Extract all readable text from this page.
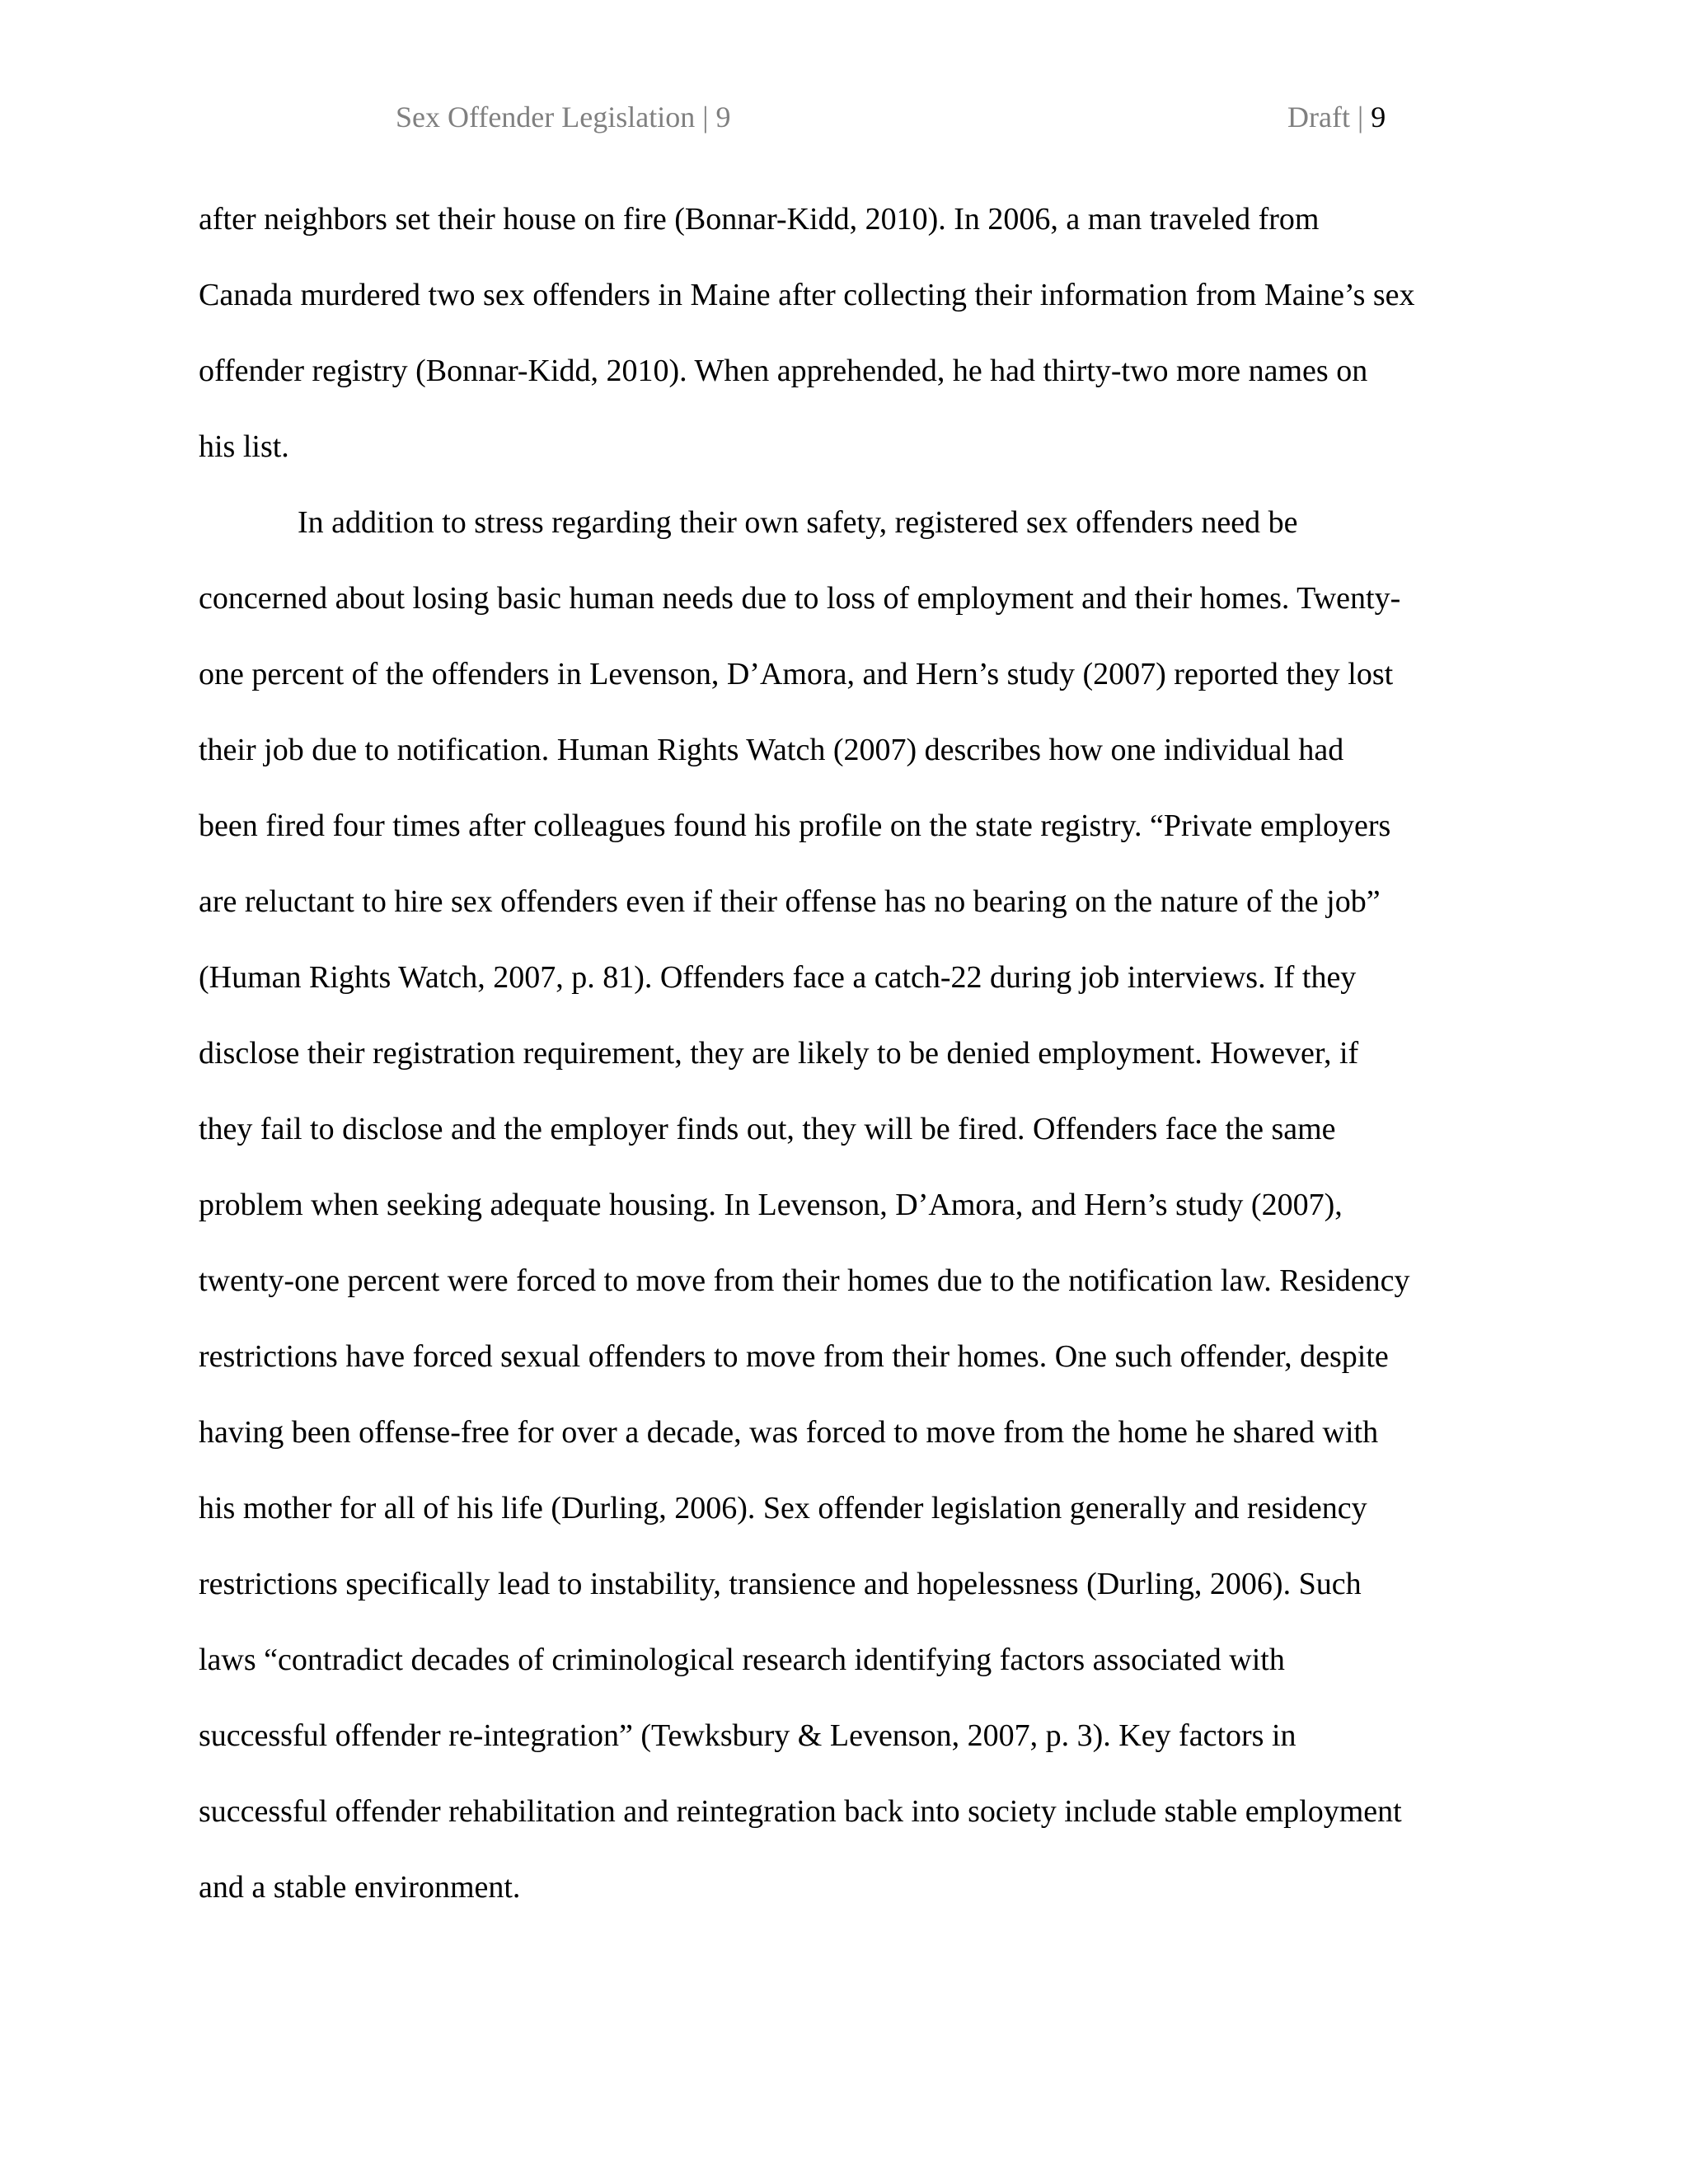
Sex Offender Legislation | 9	Draft | 9
after neighbors set their house on fire (Bonnar-Kidd, 2010). In 2006, a man traveled from
Canada murdered two sex offenders in Maine after collecting their information from Maine’s sex
offender registry (Bonnar-Kidd, 2010). When apprehended, he had thirty-two more names on
his list.
In addition to stress regarding their own safety, registered sex offenders need be
concerned about losing basic human needs due to loss of employment and their homes. Twenty-
one percent of the offenders in Levenson, D’Amora, and Hern’s study (2007) reported they lost
their job due to notification. Human Rights Watch (2007) describes how one individual had
been fired four times after colleagues found his profile on the state registry. “Private employers
are reluctant to hire sex offenders even if their offense has no bearing on the nature of the job”
(Human Rights Watch, 2007, p. 81). Offenders face a catch-22 during job interviews. If they
disclose their registration requirement, they are likely to be denied employment. However, if
they fail to disclose and the employer finds out, they will be fired. Offenders face the same
problem when seeking adequate housing. In Levenson, D’Amora, and Hern’s study (2007),
twenty-one percent were forced to move from their homes due to the notification law. Residency
restrictions have forced sexual offenders to move from their homes. One such offender, despite
having been offense-free for over a decade, was forced to move from the home he shared with
his mother for all of his life (Durling, 2006). Sex offender legislation generally and residency
restrictions specifically lead to instability, transience and hopelessness (Durling, 2006). Such
laws “contradict decades of criminological research identifying factors associated with
successful offender re-integration” (Tewksbury & Levenson, 2007, p. 3). Key factors in
successful offender rehabilitation and reintegration back into society include stable employment
and a stable environment.
